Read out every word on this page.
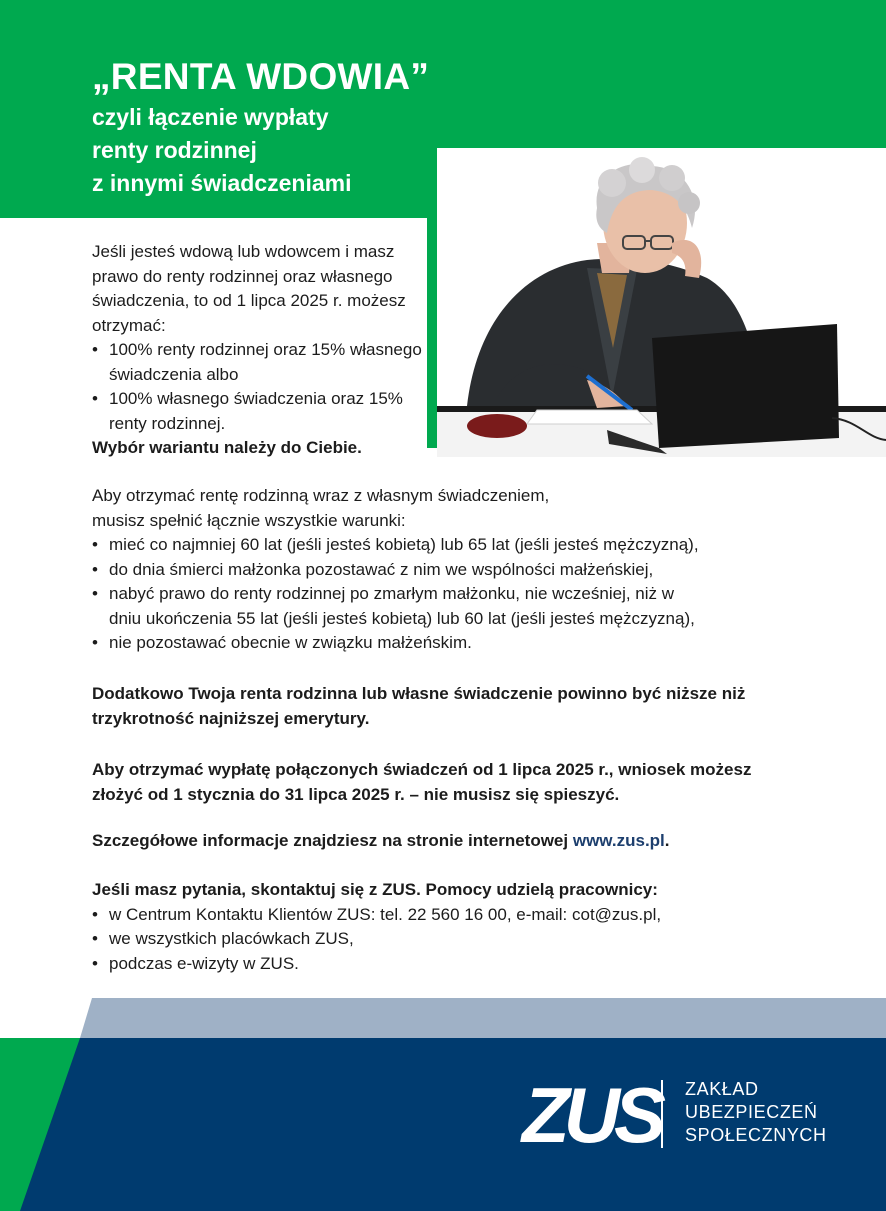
„RENTA WDOWIA”
czyli łączenie wypłaty
renty rodzinnej
z innymi świadczeniami

Jeśli jesteś wdową lub wdowcem i masz prawo do renty rodzinnej oraz własnego świadczenia, to od 1 lipca 2025 r. możesz otrzymać:

• 100% renty rodzinnej oraz 15% własnego świadczenia albo
• 100% własnego świadczenia oraz 15% renty rodzinnej.

Wybór wariantu należy do Ciebie.

Aby otrzymać rentę rodzinną wraz z własnym świadczeniem, musisz spełnić łącznie wszystkie warunki:

• mieć co najmniej 60 lat (jeśli jesteś kobietą) lub 65 lat (jeśli jesteś mężczyzną),
• do dnia śmierci małżonka pozostawać z nim we wspólności małżeńskiej,
• nabyć prawo do renty rodzinnej po zmarłym małżonku, nie wcześniej, niż w dniu ukończenia 55 lat (jeśli jesteś kobietą) lub 60 lat (jeśli jesteś mężczyzną),
• nie pozostawać obecnie w związku małżeńskim.

Dodatkowo Twoja renta rodzinna lub własne świadczenie powinno być niższe niż trzykrotność najniższej emerytury.

Aby otrzymać wypłatę połączonych świadczeń od 1 lipca 2025 r., wniosek możesz złożyć od 1 stycznia do 31 lipca 2025 r. – nie musisz się spieszyć.

Szczegółowe informacje znajdziesz na stronie internetowej www.zus.pl.

Jeśli masz pytania, skontaktuj się z ZUS. Pomocy udzielą pracownicy:

• w Centrum Kontaktu Klientów ZUS: tel. 22 560 16 00, e-mail: cot@zus.pl,
• we wszystkich placówkach ZUS,
• podczas e-wizyty w ZUS.
ZUS	ZAKŁAD
UBEZPIECZEŃ
SPOŁECZNYCH
